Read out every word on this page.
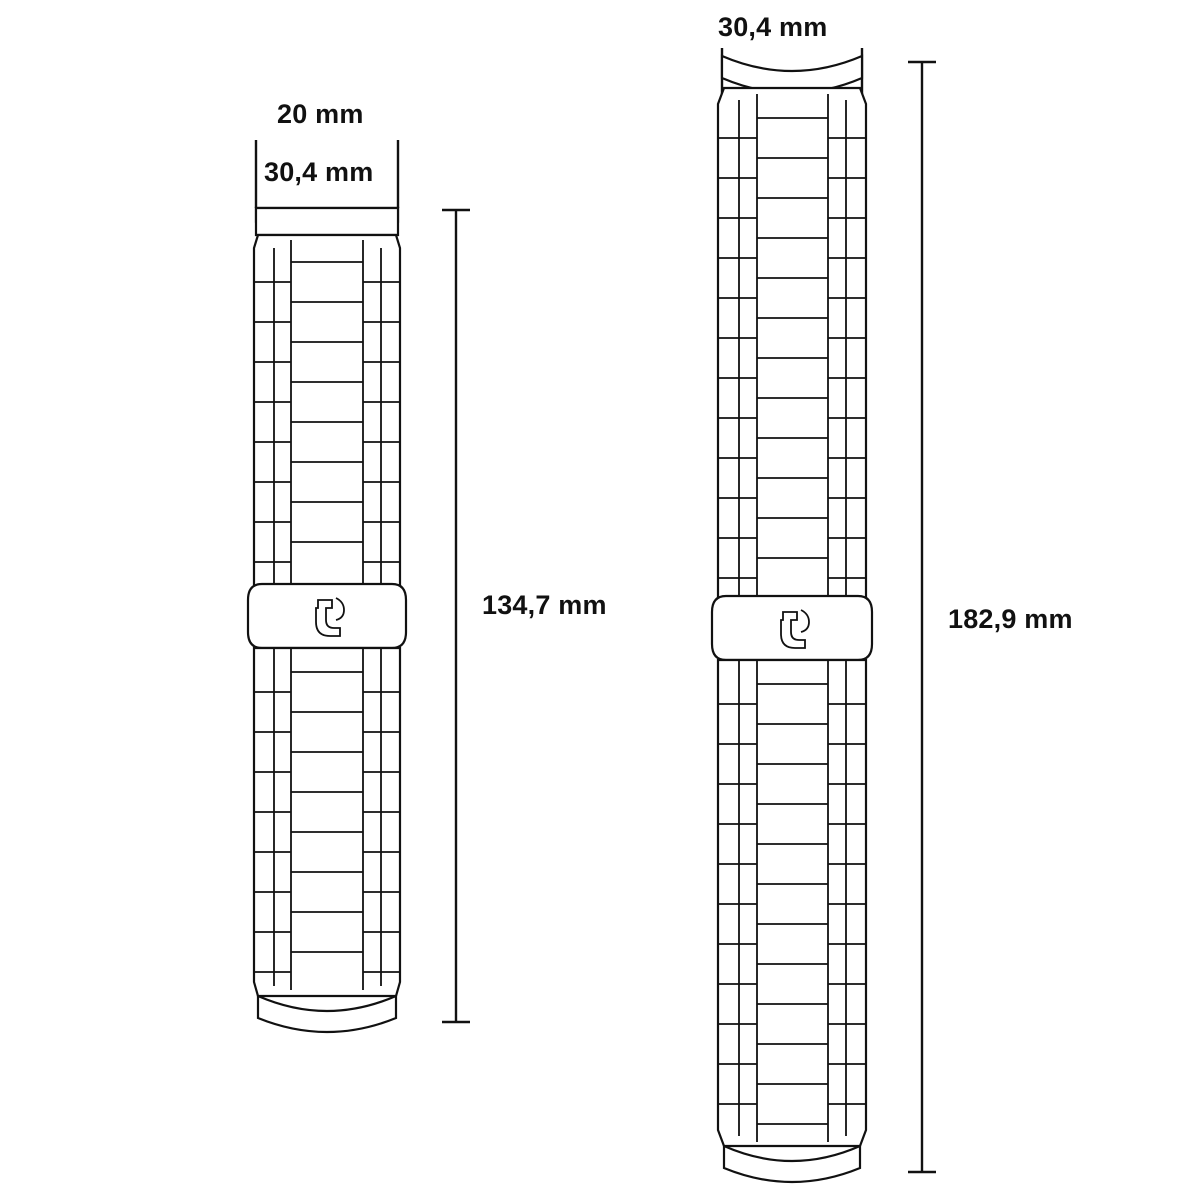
20 mm
30,4 mm
134,7 mm
30,4 mm
182,9 mm
